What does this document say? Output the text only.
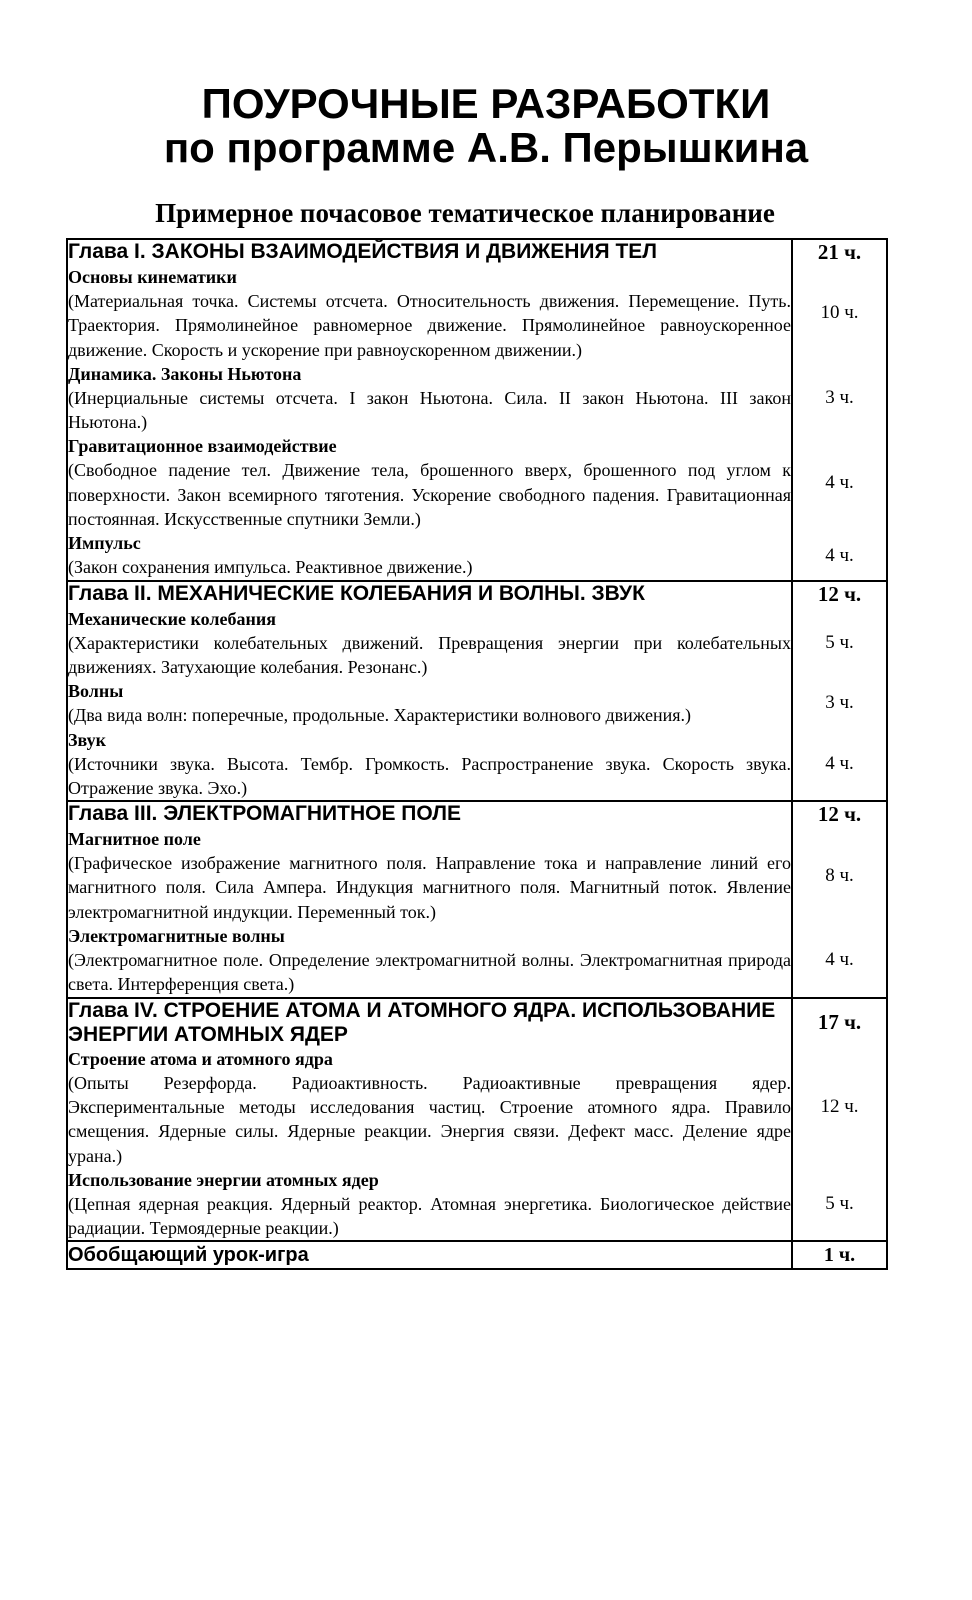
ПОУРОЧНЫЕ РАЗРАБОТКИ
по программе А.В. Перышкина
Примерное почасовое тематическое планирование
Глава I. ЗАКОНЫ ВЗАИМОДЕЙСТВИЯ И ДВИЖЕНИЯ ТЕЛ	21 ч.
Основы кинематики	10 ч.
(Материальная точка. Системы отсчета. Относительность движения. Перемещение. Путь. Траектория. Прямолинейное равномерное движение. Прямолинейное равноускоренное движение. Скорость и ускорение при равноускоренном движении.)	
Динамика. Законы Ньютона	3 ч.
(Инерциальные системы отсчета. I закон Ньютона. Сила. II закон Ньютона. III закон Ньютона.)	
Гравитационное взаимодействие	4 ч.
(Свободное падение тел. Движение тела, брошенного вверх, брошенного под углом к поверхности. Закон всемирного тяготения. Ускорение свободного падения. Гравитационная постоянная. Искусственные спутники Земли.)	
Импульс	4 ч.
(Закон сохранения импульса. Реактивное движение.)	
Глава II. МЕХАНИЧЕСКИЕ КОЛЕБАНИЯ И ВОЛНЫ. ЗВУК	12 ч.
Механические колебания	5 ч.
(Характеристики колебательных движений. Превращения энергии при колебательных движениях. Затухающие колебания. Резонанс.)	
Волны	3 ч.
(Два вида волн: поперечные, продольные. Характеристики волнового движения.)	
Звук	4 ч.
(Источники звука. Высота. Тембр. Громкость. Распространение звука. Скорость звука. Отражение звука. Эхо.)	
Глава III. ЭЛЕКТРОМАГНИТНОЕ ПОЛЕ	12 ч.
Магнитное поле	8 ч.
(Графическое изображение магнитного поля. Направление тока и направление линий его магнитного поля. Сила Ампера. Индукция магнитного поля. Магнитный поток. Явление электромагнитной индукции. Переменный ток.)	
Электромагнитные волны	4 ч.
(Электромагнитное поле. Определение электромагнитной волны. Электромагнитная природа света. Интерференция света.)	
Глава IV. СТРОЕНИЕ АТОМА И АТОМНОГО ЯДРА. ИСПОЛЬЗОВАНИЕ ЭНЕРГИИ АТОМНЫХ ЯДЕР	17 ч.
Строение атома и атомного ядра	12 ч.
(Опыты Резерфорда. Радиоактивность. Радиоактивные превращения ядер. Экспериментальные методы исследования частиц. Строение атомного ядра. Правило смещения. Ядерные силы. Ядерные реакции. Энергия связи. Дефект масс. Деление ядре урана.)	
Использование энергии атомных ядер	5 ч.
(Цепная ядерная реакция. Ядерный реактор. Атомная энергетика. Биологическое действие радиации. Термоядерные реакции.)	
Обобщающий урок-игра	1 ч.
